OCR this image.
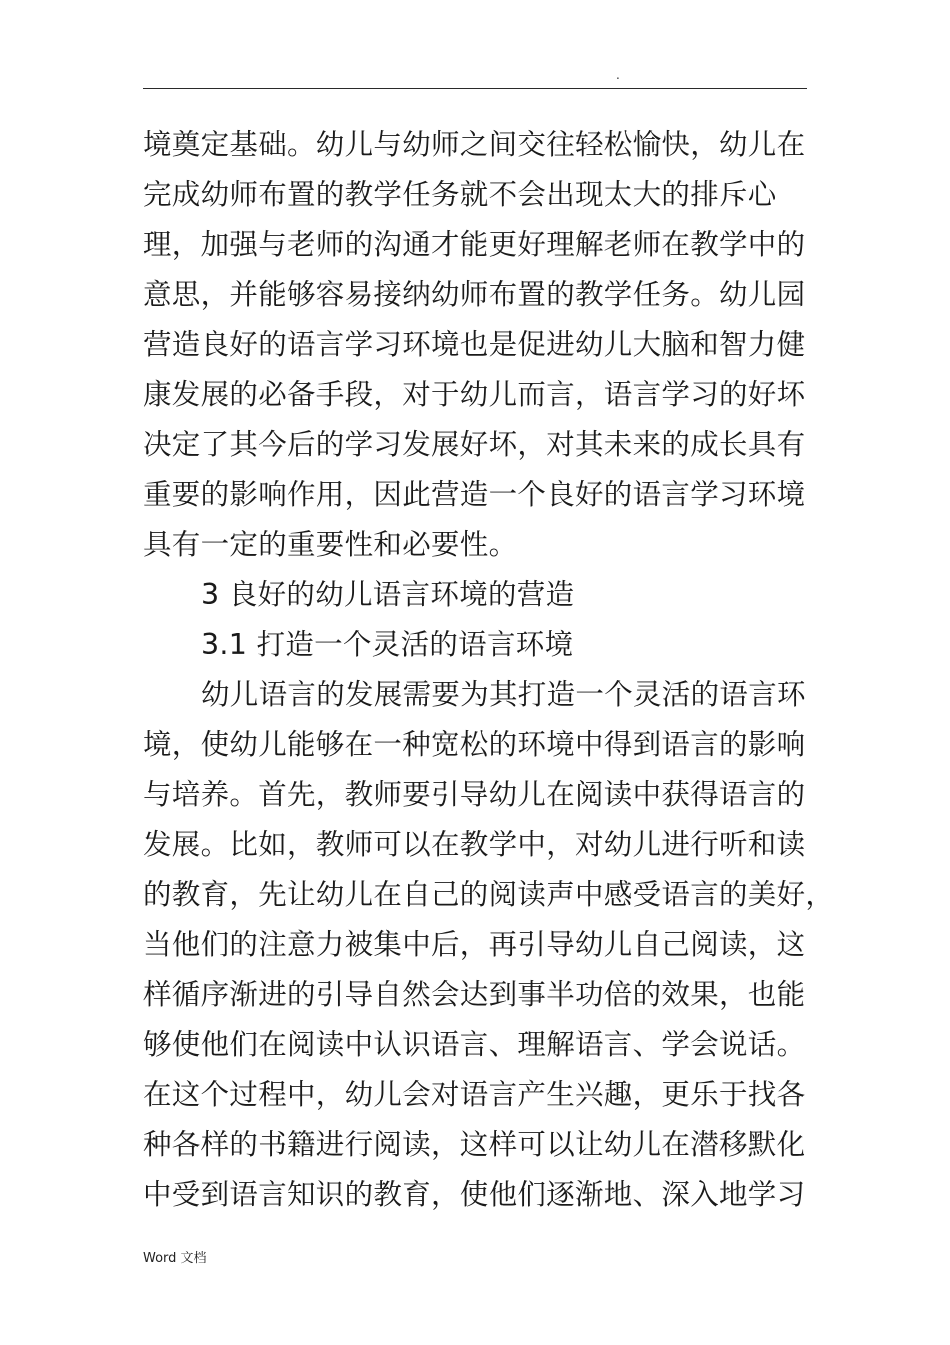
.
境奠定基础。幼儿与幼师之间交往轻松愉快，幼儿在
完成幼师布置的教学任务就不会出现太大的排斥心
理，加强与老师的沟通才能更好理解老师在教学中的
意思，并能够容易接纳幼师布置的教学任务。幼儿园
营造良好的语言学习环境也是促进幼儿大脑和智力健
康发展的必备手段，对于幼儿而言，语言学习的好坏
决定了其今后的学习发展好坏，对其未来的成长具有
重要的影响作用，因此营造一个良好的语言学习环境
具有一定的重要性和必要性。
3 良好的幼儿语言环境的营造
3.1 打造一个灵活的语言环境
幼儿语言的发展需要为其打造一个灵活的语言环
境，使幼儿能够在一种宽松的环境中得到语言的影响
与培养。首先，教师要引导幼儿在阅读中获得语言的
发展。比如，教师可以在教学中，对幼儿进行听和读
的教育，先让幼儿在自己的阅读声中感受语言的美好，
当他们的注意力被集中后，再引导幼儿自己阅读，这
样循序渐进的引导自然会达到事半功倍的效果，也能
够使他们在阅读中认识语言、理解语言、学会说话。
在这个过程中，幼儿会对语言产生兴趣，更乐于找各
种各样的书籍进行阅读，这样可以让幼儿在潜移默化
中受到语言知识的教育，使他们逐渐地、深入地学习
Word 文档
